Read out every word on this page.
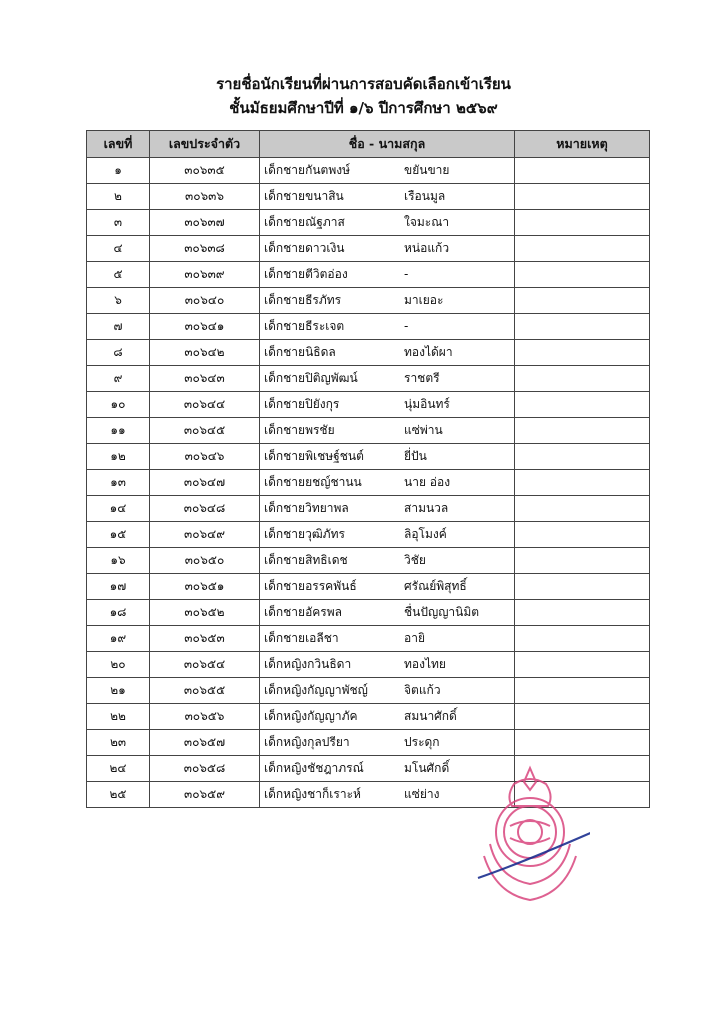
รายชื่อนักเรียนที่ผ่านการสอบคัดเลือกเข้าเรียน
ชั้นมัธยมศึกษาปีที่ ๑/๖ ปีการศึกษา ๒๕๖๙
เลขที่	เลขประจำตัว	ชื่อ - นามสกุล	หมายเหตุ
๑	๓๐๖๓๕	เด็กชายกันตพงษ์ ขยันขาย	
๒	๓๐๖๓๖	เด็กชายขนาสิน เรือนมูล	
๓	๓๐๖๓๗	เด็กชายณัฐภาส ใจมะณา	
๔	๓๐๖๓๘	เด็กชายดาวเงิน หน่อแก้ว	
๕	๓๐๖๓๙	เด็กชายตีวิตอ่อง -	
๖	๓๐๖๔๐	เด็กชายธีรภัทร มาเยอะ	
๗	๓๐๖๔๑	เด็กชายธีระเจต -	
๘	๓๐๖๔๒	เด็กชายนิธิดล ทองได้ผา	
๙	๓๐๖๔๓	เด็กชายปิติญพัฒน์ ราชตรี	
๑๐	๓๐๖๔๔	เด็กชายปิยังกุร นุ่มอินทร์	
๑๑	๓๐๖๔๕	เด็กชายพรชัย แซ่พ่าน	
๑๒	๓๐๖๔๖	เด็กชายพิเชษฐ์ชนต์ ยี่ปัน	
๑๓	๓๐๖๔๗	เด็กชายยชญ์ชานน นาย อ่อง	
๑๔	๓๐๖๔๘	เด็กชายวิทยาพล สามนวล	
๑๕	๓๐๖๔๙	เด็กชายวุฒิภัทร ลิอุโมงค์	
๑๖	๓๐๖๕๐	เด็กชายสิทธิเดช วิชัย	
๑๗	๓๐๖๕๑	เด็กชายอรรคพันธ์ ศรัณย์พิสุทธิ์	
๑๘	๓๐๖๕๒	เด็กชายอัครพล ชื่นปัญญานิมิต	
๑๙	๓๐๖๕๓	เด็กชายเอลีชา อายิ	
๒๐	๓๐๖๕๔	เด็กหญิงกวินธิดา ทองไทย	
๒๑	๓๐๖๕๕	เด็กหญิงกัญญาพัชญ์ จิตแก้ว	
๒๒	๓๐๖๕๖	เด็กหญิงกัญญาภัค สมนาศักดิ์	
๒๓	๓๐๖๕๗	เด็กหญิงกุลปรียา ประดุก	
๒๔	๓๐๖๕๘	เด็กหญิงชัชฎาภรณ์ มโนศักดิ์	
๒๕	๓๐๖๕๙	เด็กหญิงชาก็เราะห์ แซ่ย่าง	
